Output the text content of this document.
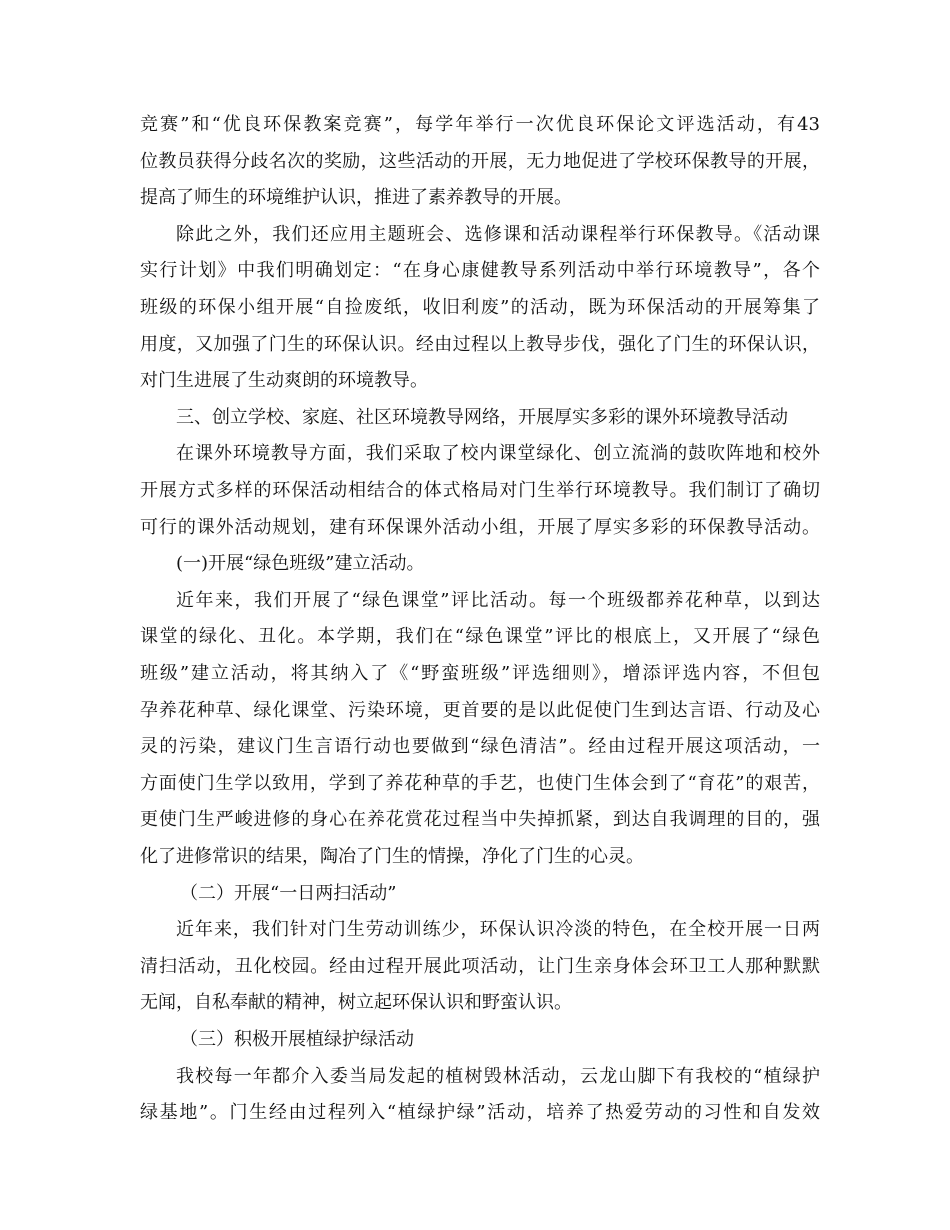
竞赛”和“优良环保教案竞赛”，每学年举行一次优良环保论文评选活动，有43
位教员获得分歧名次的奖励，这些活动的开展，无力地促进了学校环保教导的开展，
提高了师生的环境维护认识，推进了素养教导的开展。
除此之外，我们还应用主题班会、选修课和活动课程举行环保教导。《活动课
实行计划》中我们明确划定：“在身心康健教导系列活动中举行环境教导”，各个
班级的环保小组开展“自捡废纸，收旧利废”的活动，既为环保活动的开展筹集了
用度，又加强了门生的环保认识。经由过程以上教导步伐，强化了门生的环保认识，
对门生进展了生动爽朗的环境教导。
三、创立学校、家庭、社区环境教导网络，开展厚实多彩的课外环境教导活动
在课外环境教导方面，我们采取了校内课堂绿化、创立流淌的鼓吹阵地和校外
开展方式多样的环保活动相结合的体式格局对门生举行环境教导。我们制订了确切
可行的课外活动规划，建有环保课外活动小组，开展了厚实多彩的环保教导活动。
(一)开展“绿色班级”建立活动。
近年来，我们开展了“绿色课堂”评比活动。每一个班级都养花种草，以到达
课堂的绿化、丑化。本学期，我们在“绿色课堂”评比的根底上，又开展了“绿色
班级”建立活动，将其纳入了《“野蛮班级”评选细则》，增添评选内容，不但包
孕养花种草、绿化课堂、污染环境，更首要的是以此促使门生到达言语、行动及心
灵的污染，建议门生言语行动也要做到“绿色清洁”。经由过程开展这项活动，一
方面使门生学以致用，学到了养花种草的手艺，也使门生体会到了“育花”的艰苦，
更使门生严峻进修的身心在养花赏花过程当中失掉抓紧，到达自我调理的目的，强
化了进修常识的结果，陶冶了门生的情操，净化了门生的心灵。
（二）开展“一日两扫活动”
近年来，我们针对门生劳动训练少，环保认识冷淡的特色，在全校开展一日两
清扫活动，丑化校园。经由过程开展此项活动，让门生亲身体会环卫工人那种默默
无闻，自私奉献的精神，树立起环保认识和野蛮认识。
（三）积极开展植绿护绿活动
我校每一年都介入委当局发起的植树毁林活动，云龙山脚下有我校的“植绿护
绿基地”。门生经由过程列入“植绿护绿”活动，培养了热爱劳动的习性和自发效
